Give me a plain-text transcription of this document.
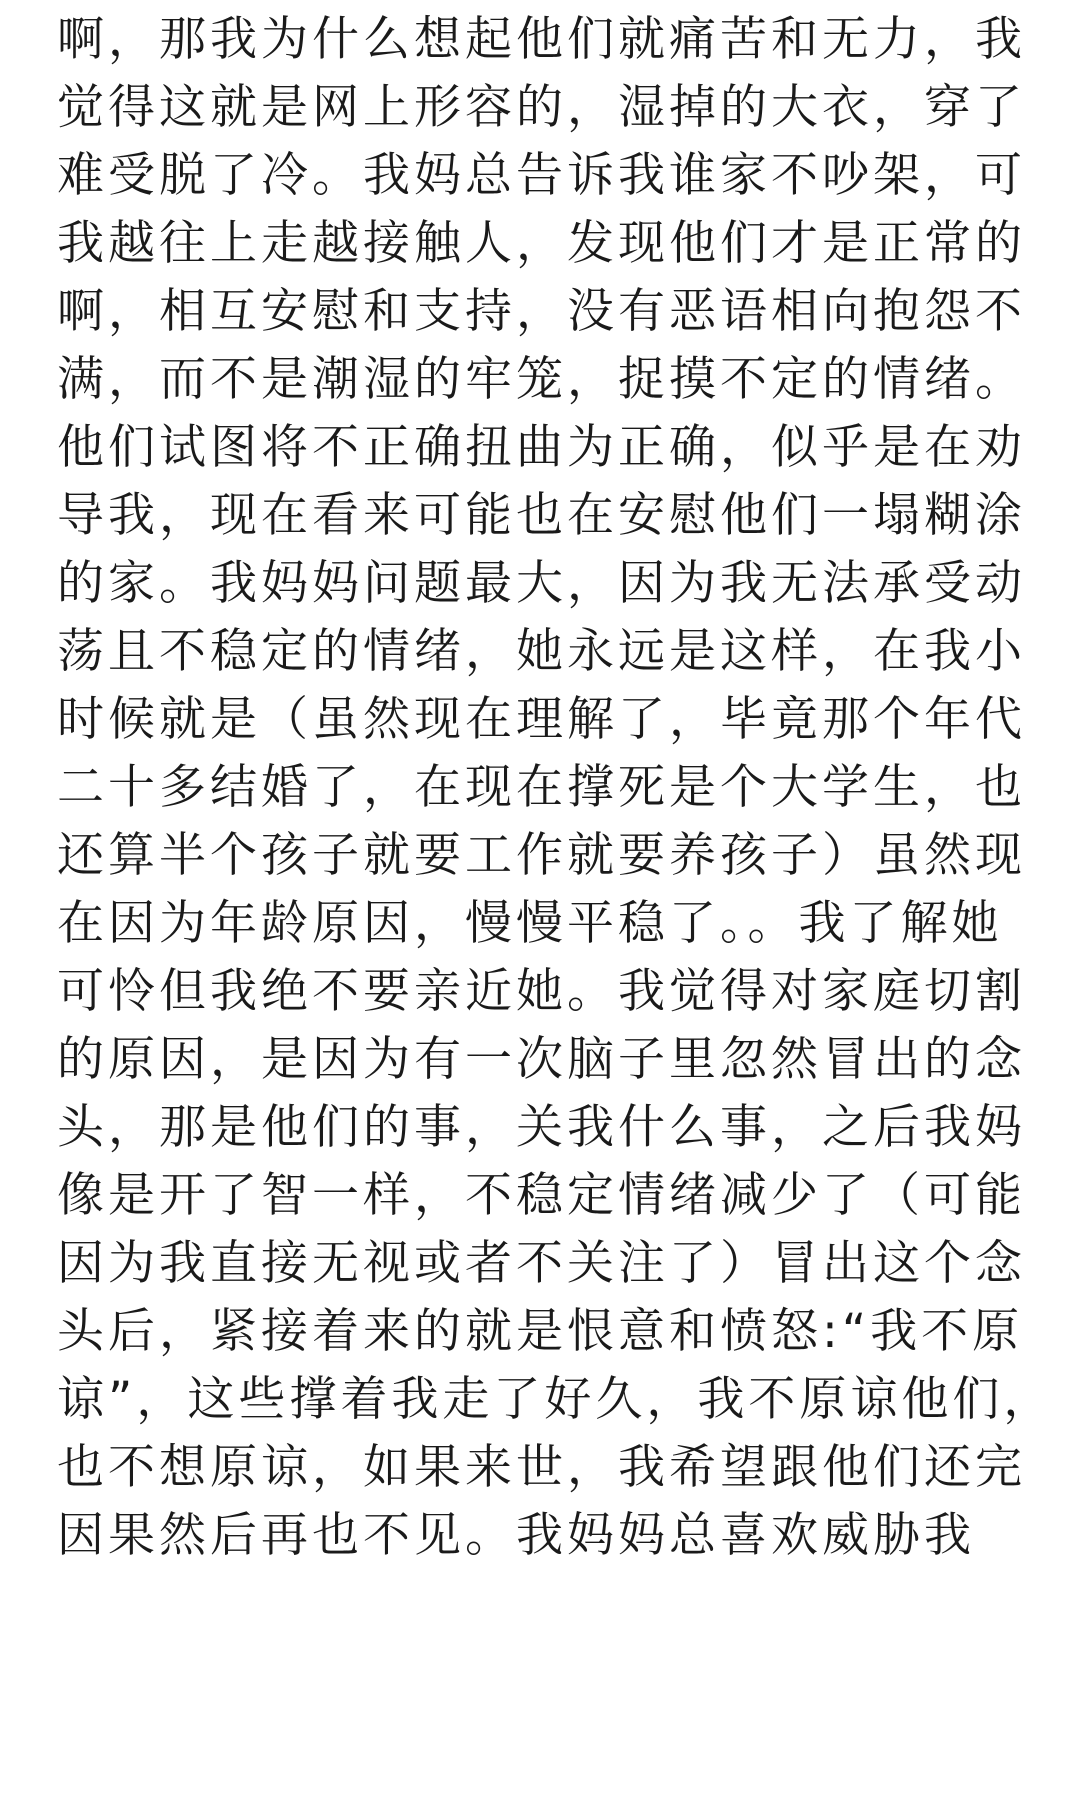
啊，那我为什么想起他们就痛苦和无力，我
觉得这就是网上形容的，湿掉的大衣，穿了
难受脱了冷。我妈总告诉我谁家不吵架，可
我越往上走越接触人，发现他们才是正常的
啊，相互安慰和支持，没有恶语相向抱怨不
满，而不是潮湿的牢笼，捉摸不定的情绪。
他们试图将不正确扭曲为正确，似乎是在劝
导我，现在看来可能也在安慰他们一塌糊涂
的家。我妈妈问题最大，因为我无法承受动
荡且不稳定的情绪，她永远是这样，在我小
时候就是（虽然现在理解了，毕竟那个年代
二十多结婚了，在现在撑死是个大学生，也
还算半个孩子就要工作就要养孩子）虽然现
在因为年龄原因，慢慢平稳了。。我了解她
可怜但我绝不要亲近她。我觉得对家庭切割
的原因，是因为有一次脑子里忽然冒出的念
头，那是他们的事，关我什么事，之后我妈
像是开了智一样，不稳定情绪减少了（可能
因为我直接无视或者不关注了）冒出这个念
头后，紧接着来的就是恨意和愤怒:“我不原
谅”，这些撑着我走了好久，我不原谅他们，
也不想原谅，如果来世，我希望跟他们还完
因果然后再也不见。我妈妈总喜欢威胁我
